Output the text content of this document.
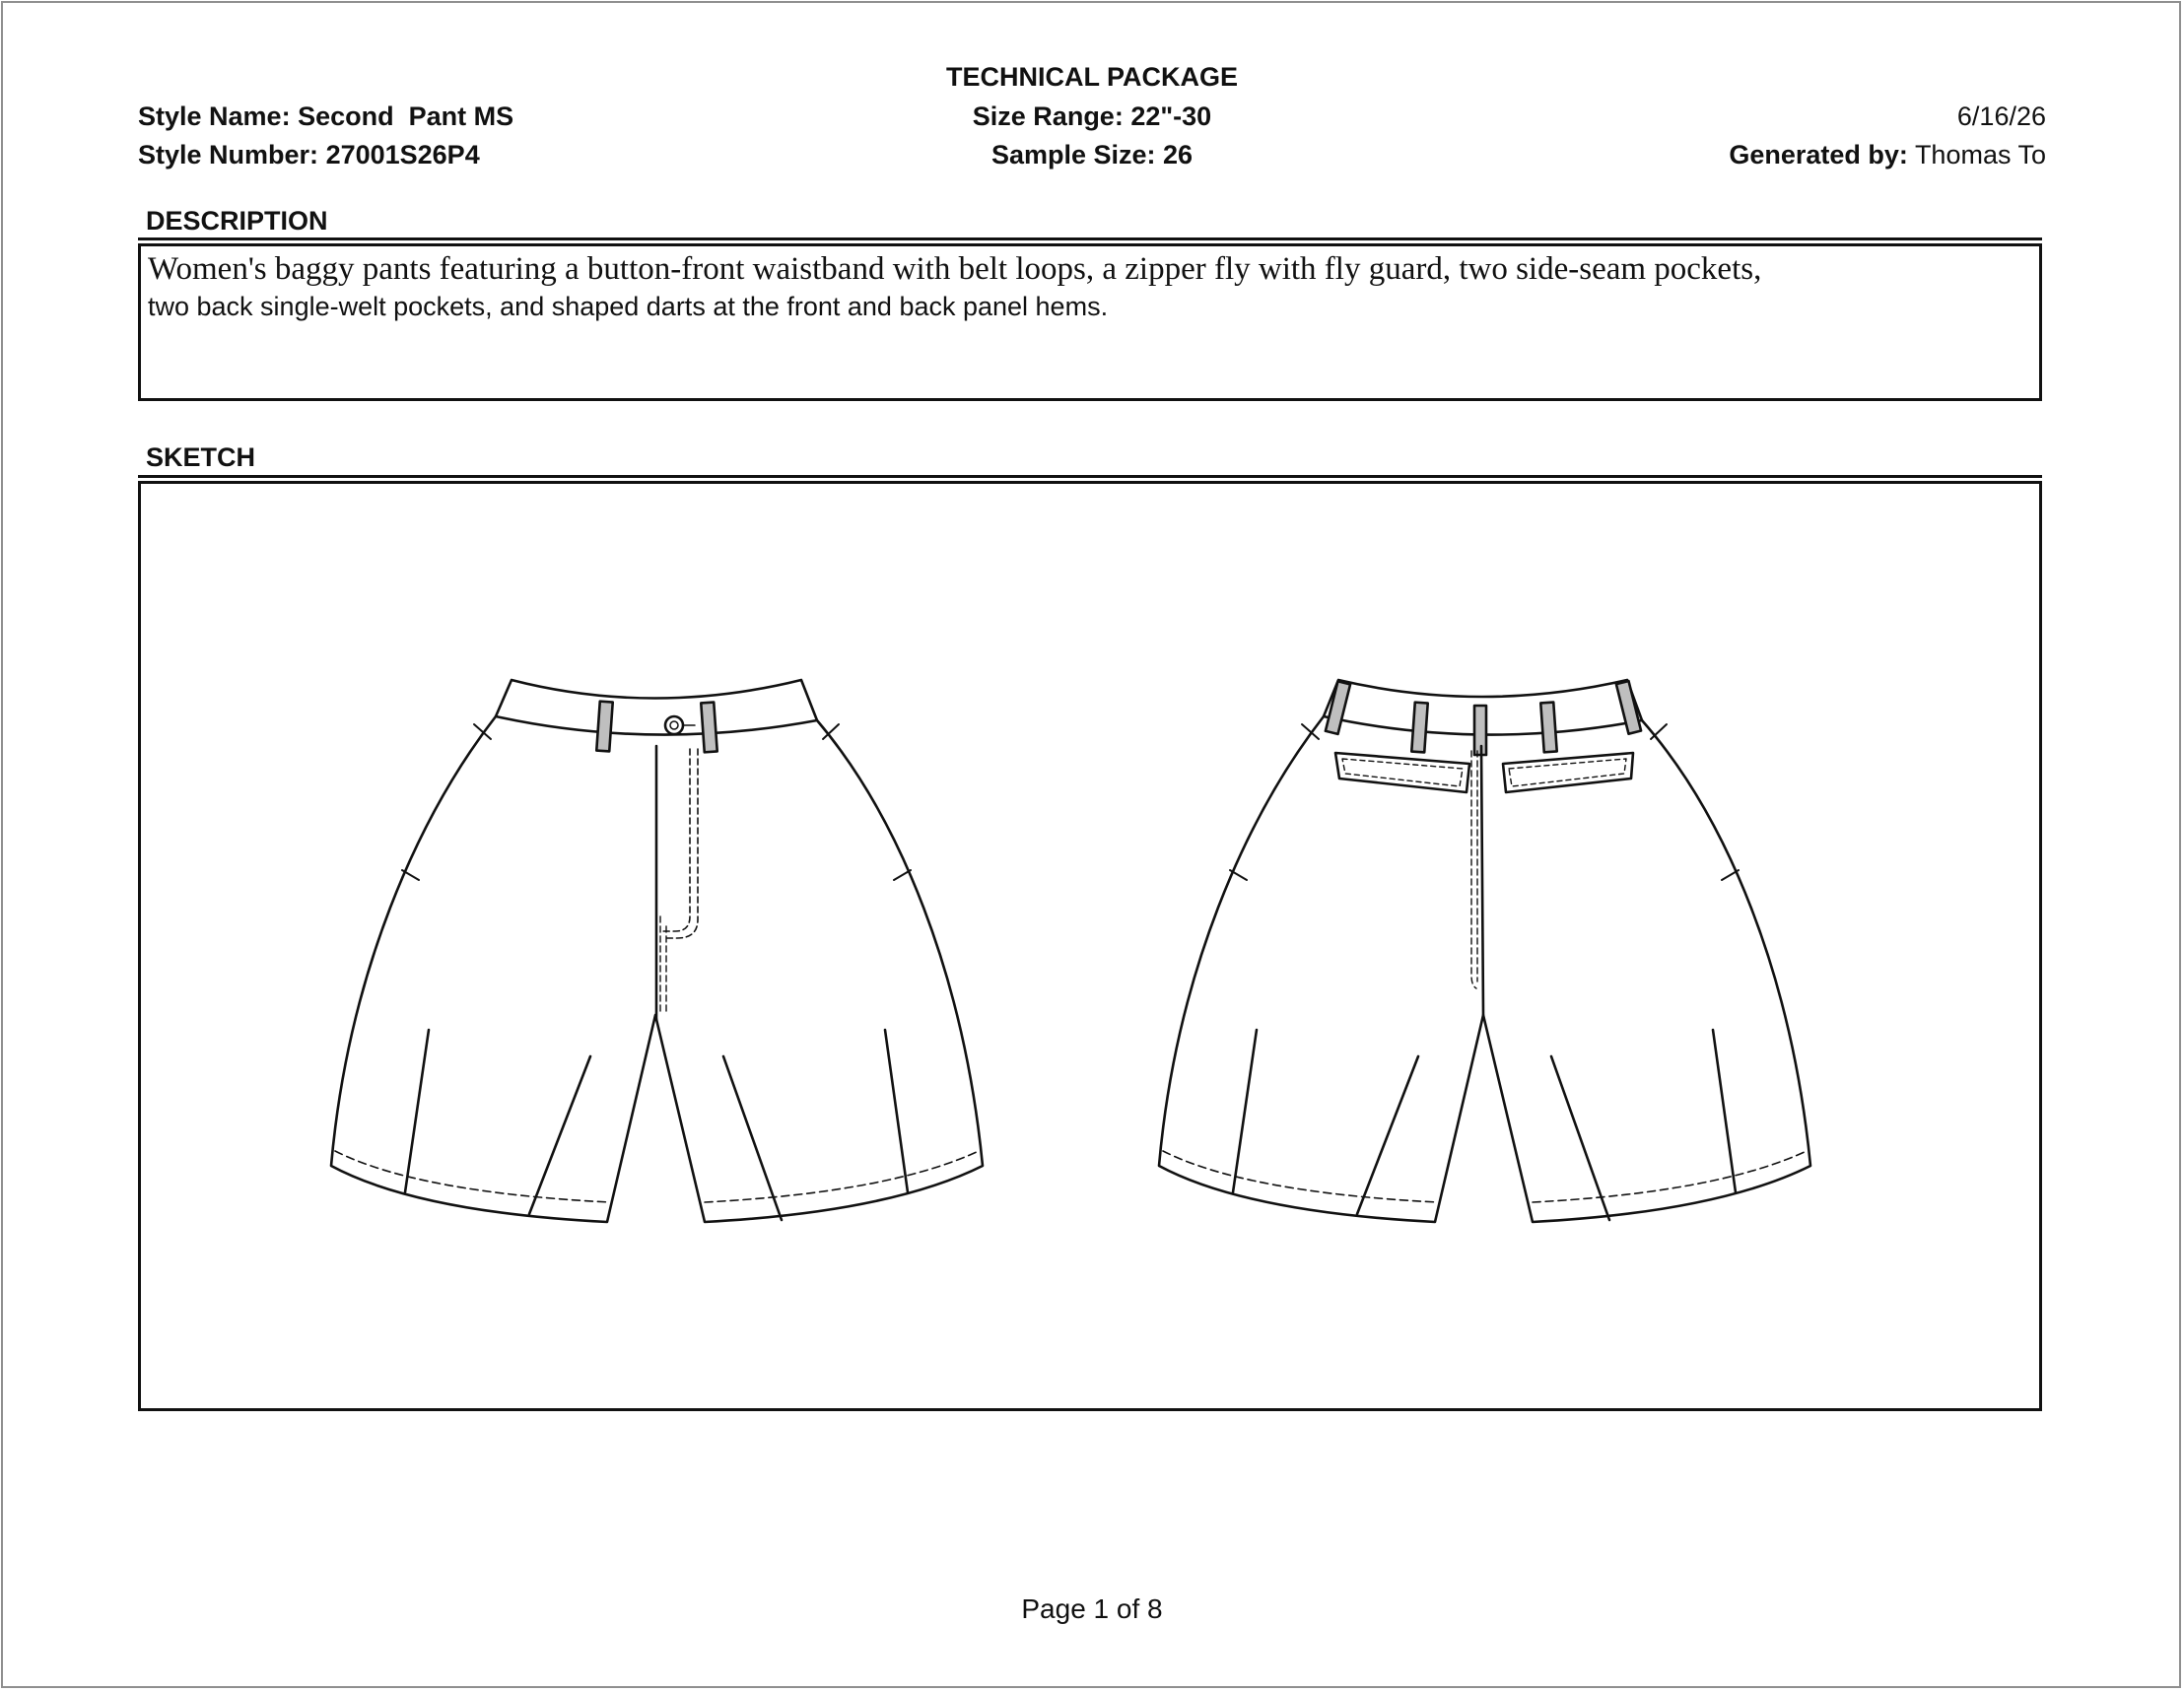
TECHNICAL PACKAGE
Style Name: Second  Pant MS
Style Number: 27001S26P4
Size Range: 22"-30
Sample Size: 26
6/16/26
Generated by: Thomas To
DESCRIPTION
Women's baggy pants featuring a button-front waistband with belt loops, a zipper fly with fly guard, two side-seam pockets,
two back single-welt pockets, and shaped darts at the front and back panel hems.
SKETCH
Page 1 of 8
